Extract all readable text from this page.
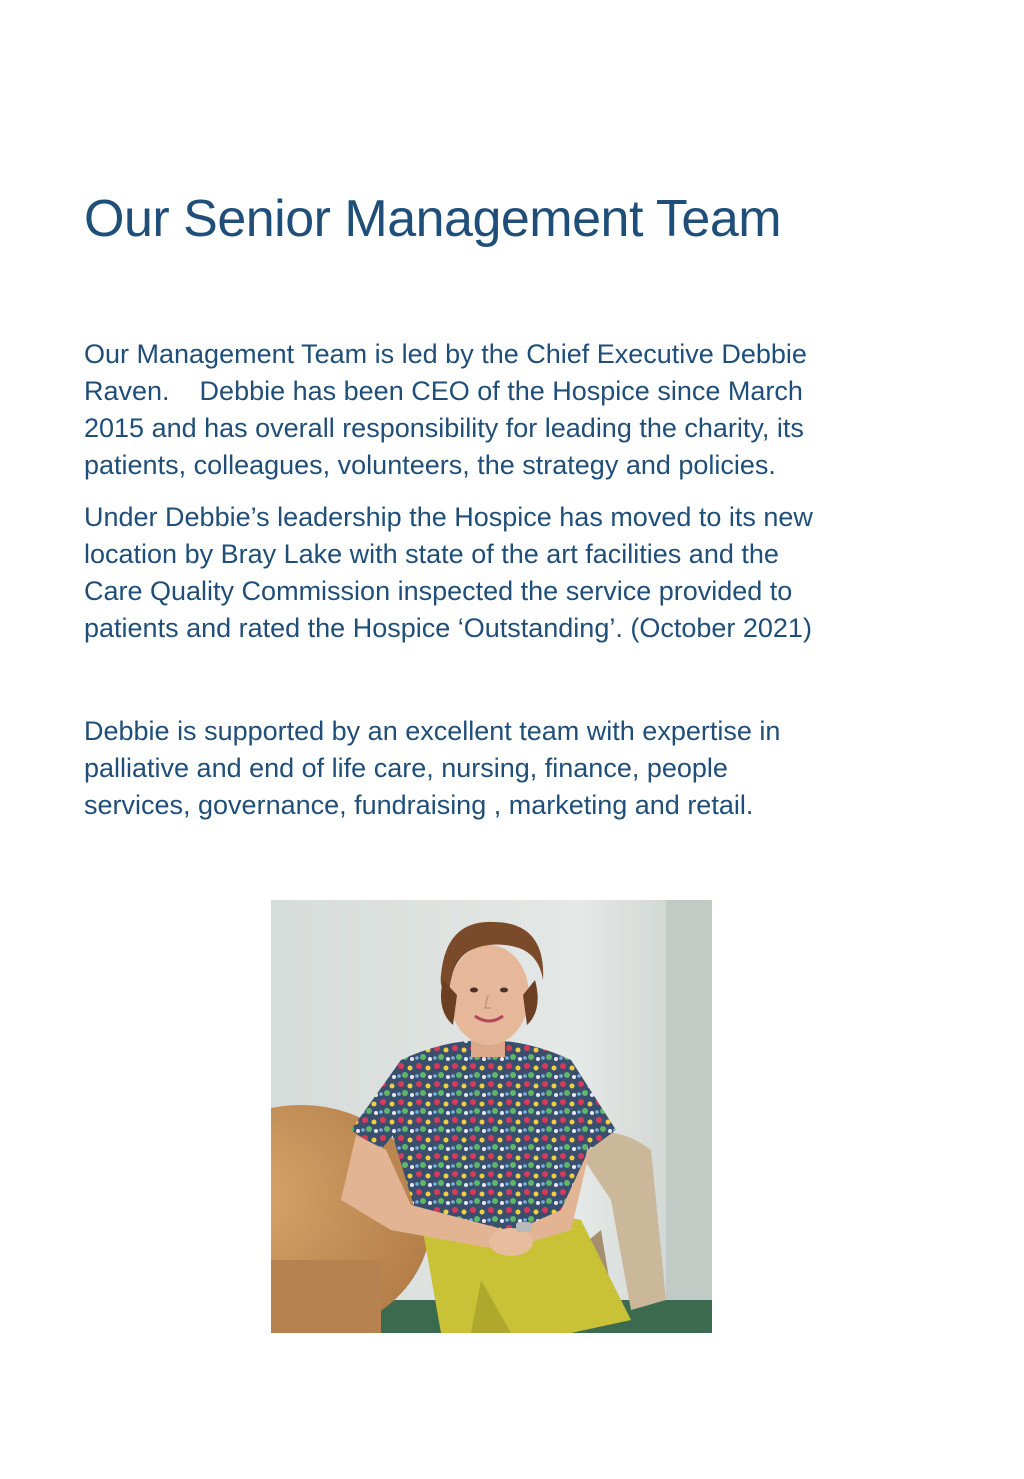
Our Senior Management Team

Our Management Team is led by the Chief Executive Debbie
Raven.    Debbie has been CEO of the Hospice since March
2015 and has overall responsibility for leading the charity, its
patients, colleagues, volunteers, the strategy and policies.

Under Debbie’s leadership the Hospice has moved to its new
location by Bray Lake with state of the art facilities and the
Care Quality Commission inspected the service provided to
patients and rated the Hospice ‘Outstanding’. (October 2021)

Debbie is supported by an excellent team with expertise in
palliative and end of life care, nursing, finance, people
services, governance, fundraising , marketing and retail.
